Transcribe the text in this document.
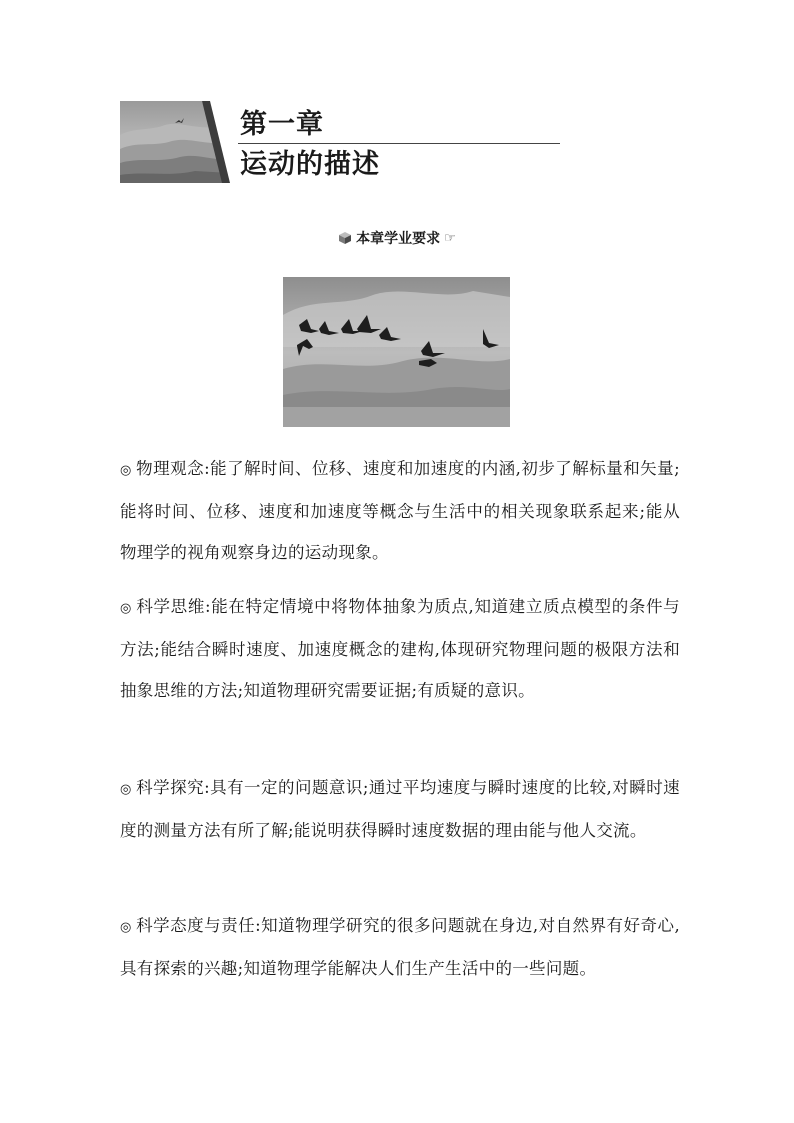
第一章
运动的描述
本章学业要求 ☞

◎ 物理观念:能了解时间、位移、速度和加速度的内涵,初步了解标量和矢量;能将时间、位移、速度和加速度等概念与生活中的相关现象联系起来;能从物理学的视角观察身边的运动现象。

◎ 科学思维:能在特定情境中将物体抽象为质点,知道建立质点模型的条件与方法;能结合瞬时速度、加速度概念的建构,体现研究物理问题的极限方法和抽象思维的方法;知道物理研究需要证据;有质疑的意识。

◎ 科学探究:具有一定的问题意识;通过平均速度与瞬时速度的比较,对瞬时速度的测量方法有所了解;能说明获得瞬时速度数据的理由能与他人交流。

◎ 科学态度与责任:知道物理学研究的很多问题就在身边,对自然界有好奇心,具有探索的兴趣;知道物理学能解决人们生产生活中的一些问题。
